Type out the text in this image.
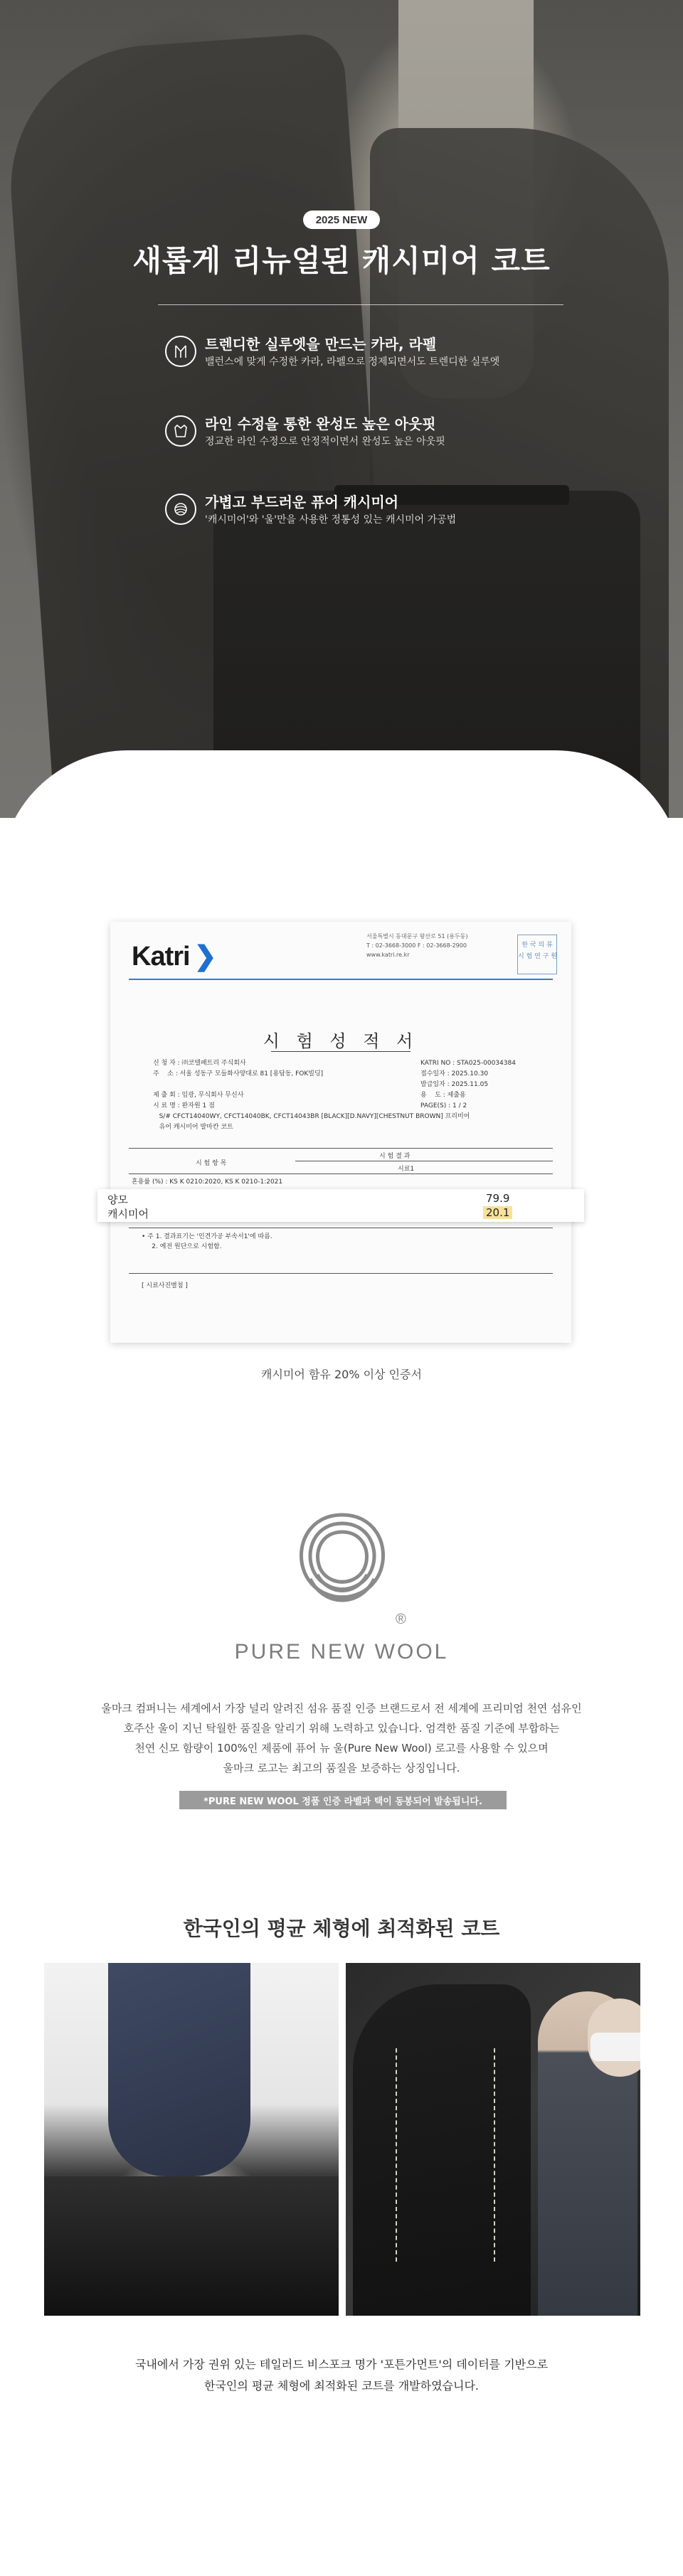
2025 NEW
새롭게 리뉴얼된 캐시미어 코트
트렌디한 실루엣을 만드는 카라, 라펠
밸런스에 맞게 수정한 카라, 라펠으로 정제되면서도 트렌디한 실루엣
라인 수정을 통한 완성도 높은 아웃핏
정교한 라인 수정으로 안정적이면서 완성도 높은 아웃핏
가볍고 부드러운 퓨어 캐시미어
'캐시미어'와 '울'만을 사용한 정통성 있는 캐시미어 가공법
Katri ❯
서울특별시 동대문구 왕산로 51 (용두동)
T : 02-3668-3000 F : 02-3668-2900
www.katri.re.kr
한 국 의 류
시 험 연 구 원
시 험 성 적 서
신 청 자 : ㈜코텔패트리 주식회사
주    소 : 서울 성동구 모들화사양대로 81 [용답동, FOK빌딩]

제 출 회 : 임광, 무식회사 무신사
시 료 명 : 완자원 1 점
S/# CFCT14040WY, CFCT14040BK, CFCT14043BR [BLACK][D.NAVY][CHESTNUT BROWN] 프리미어
유어 캐시미어 발마칸 코트
KATRI NO : STA025-00034384
접수일자 : 2025.10.30
발급일자 : 2025.11.05
용    도 : 제출용
PAGE(S) : 1 / 2
시 험 결 과
시 험 항 목
시료1
혼용률 (%) : KS K 0210:2020, KS K 0210-1:2021
양모	79.9
캐시미어	20.1
• 주 1. 결과표기는 '인견가공 부속서1'에 따름.
2. 예전 원단으로 시험함.
[ 시료사진별첨 ]
캐시미어 함유 20% 이상 인증서
®
PURE NEW WOOL

울마크 컴퍼니는 세계에서 가장 널리 알려진 섬유 품질 인증 브랜드로서 전 세계에 프리미엄 천연 섬유인
호주산 울이 지닌 탁월한 품질을 알리기 위해 노력하고 있습니다. 엄격한 품질 기준에 부합하는
천연 신모 함량이 100%인 제품에 퓨어 뉴 울(Pure New Wool) 로고를 사용할 수 있으며
울마크 로고는 최고의 품질을 보증하는 상징입니다.

*PURE NEW WOOL 정품 인증 라벨과 택이 동봉되어 발송됩니다.
한국인의 평균 체형에 최적화된 코트

국내에서 가장 권위 있는 테일러드 비스포크 명가 '포튼가먼트'의 데이터를 기반으로
한국인의 평균 체형에 최적화된 코트를 개발하였습니다.
